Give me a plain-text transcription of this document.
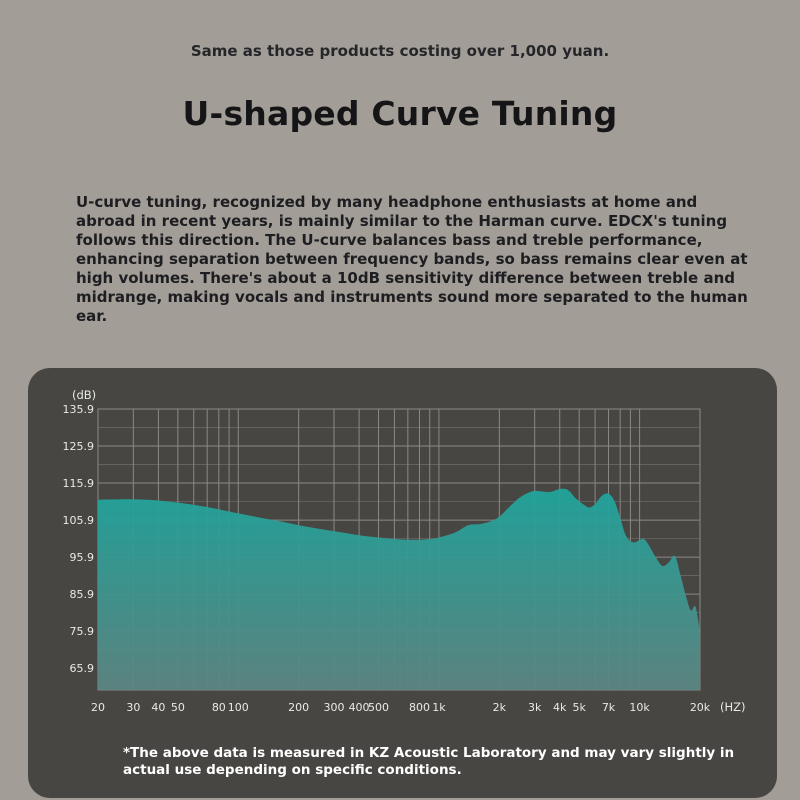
Same as those products costing over 1,000 yuan.
U-shaped Curve Tuning
U-curve tuning, recognized by many headphone enthusiasts at home and abroad in recent years, is mainly similar to the Harman curve. EDCX's tuning follows this direction. The U-curve balances bass and treble performance, enhancing separation between frequency bands, so bass remains clear even at high volumes. There's about a 10dB sensitivity difference between treble and midrange, making vocals and instruments sound more separated to the human ear.
135.9
125.9
115.9
105.9
95.9
85.9
75.9
65.9
20 30 40 50 80 100	200 300 400
500 800 1k	2k 3k 4k 5k 7k 10k	20k
(dB)
(HZ)
*The above data is measured in KZ Acoustic Laboratory and may vary slightly in actual use depending on specific conditions.
